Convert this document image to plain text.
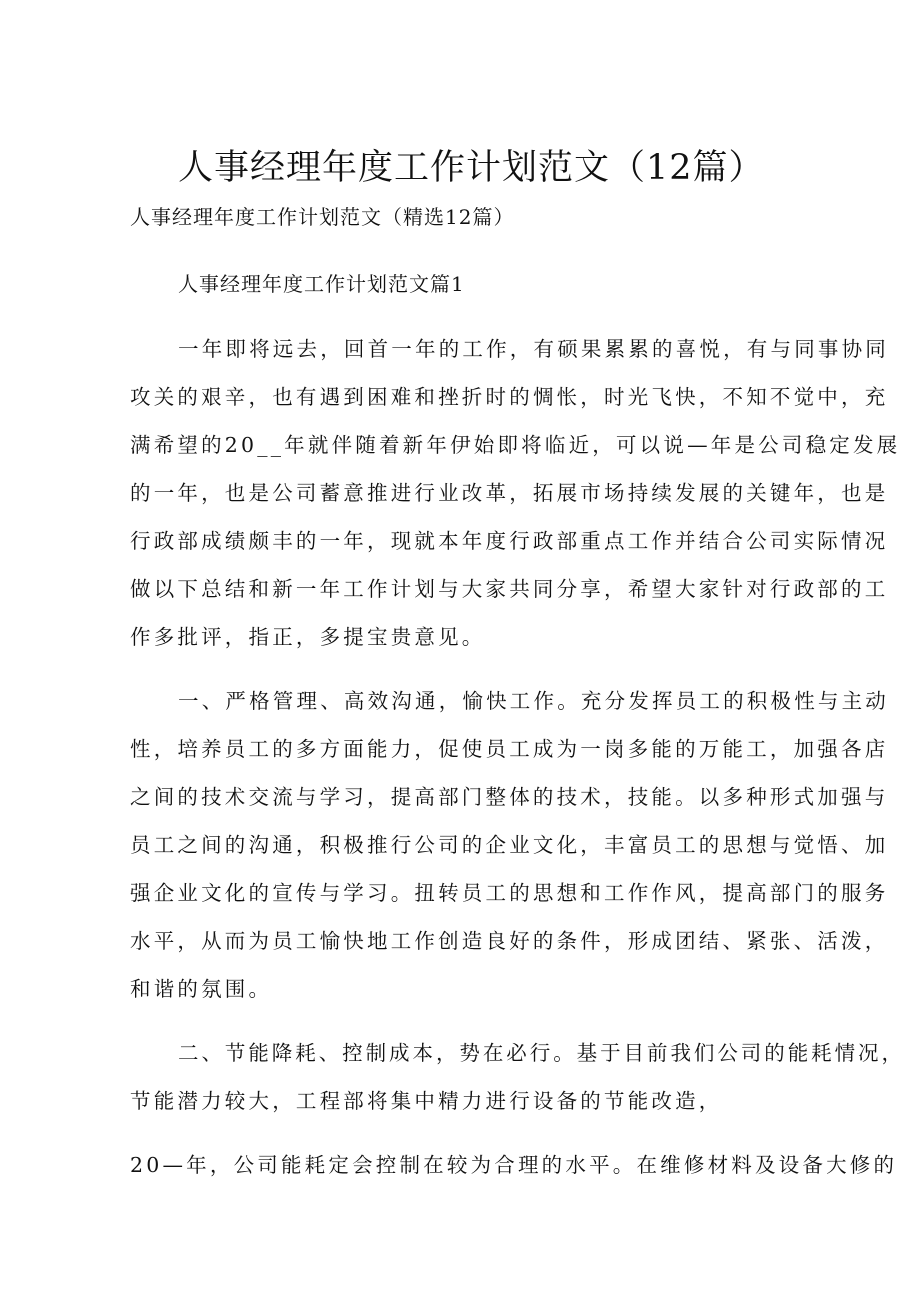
人事经理年度工作计划范文（12篇）

人事经理年度工作计划范文（精选12篇）

人事经理年度工作计划范文篇1

一年即将远去，回首一年的工作，有硕果累累的喜悦，有与同事协同

攻关的艰辛，也有遇到困难和挫折时的惆怅，时光飞快，不知不觉中，充

满希望的20__年就伴随着新年伊始即将临近，可以说—年是公司稳定发展

的一年，也是公司蓄意推进行业改革，拓展市场持续发展的关键年，也是

行政部成绩颇丰的一年，现就本年度行政部重点工作并结合公司实际情况

做以下总结和新一年工作计划与大家共同分享，希望大家针对行政部的工

作多批评，指正，多提宝贵意见。

一、严格管理、高效沟通，愉快工作。充分发挥员工的积极性与主动

性，培养员工的多方面能力，促使员工成为一岗多能的万能工，加强各店

之间的技术交流与学习，提高部门整体的技术，技能。以多种形式加强与

员工之间的沟通，积极推行公司的企业文化，丰富员工的思想与觉悟、加

强企业文化的宣传与学习。扭转员工的思想和工作作风，提高部门的服务

水平，从而为员工愉快地工作创造良好的条件，形成团结、紧张、活泼，

和谐的氛围。

二、节能降耗、控制成本，势在必行。基于目前我们公司的能耗情况，

节能潜力较大，工程部将集中精力进行设备的节能改造，

20—年，公司能耗定会控制在较为合理的水平。在维修材料及设备大修的
